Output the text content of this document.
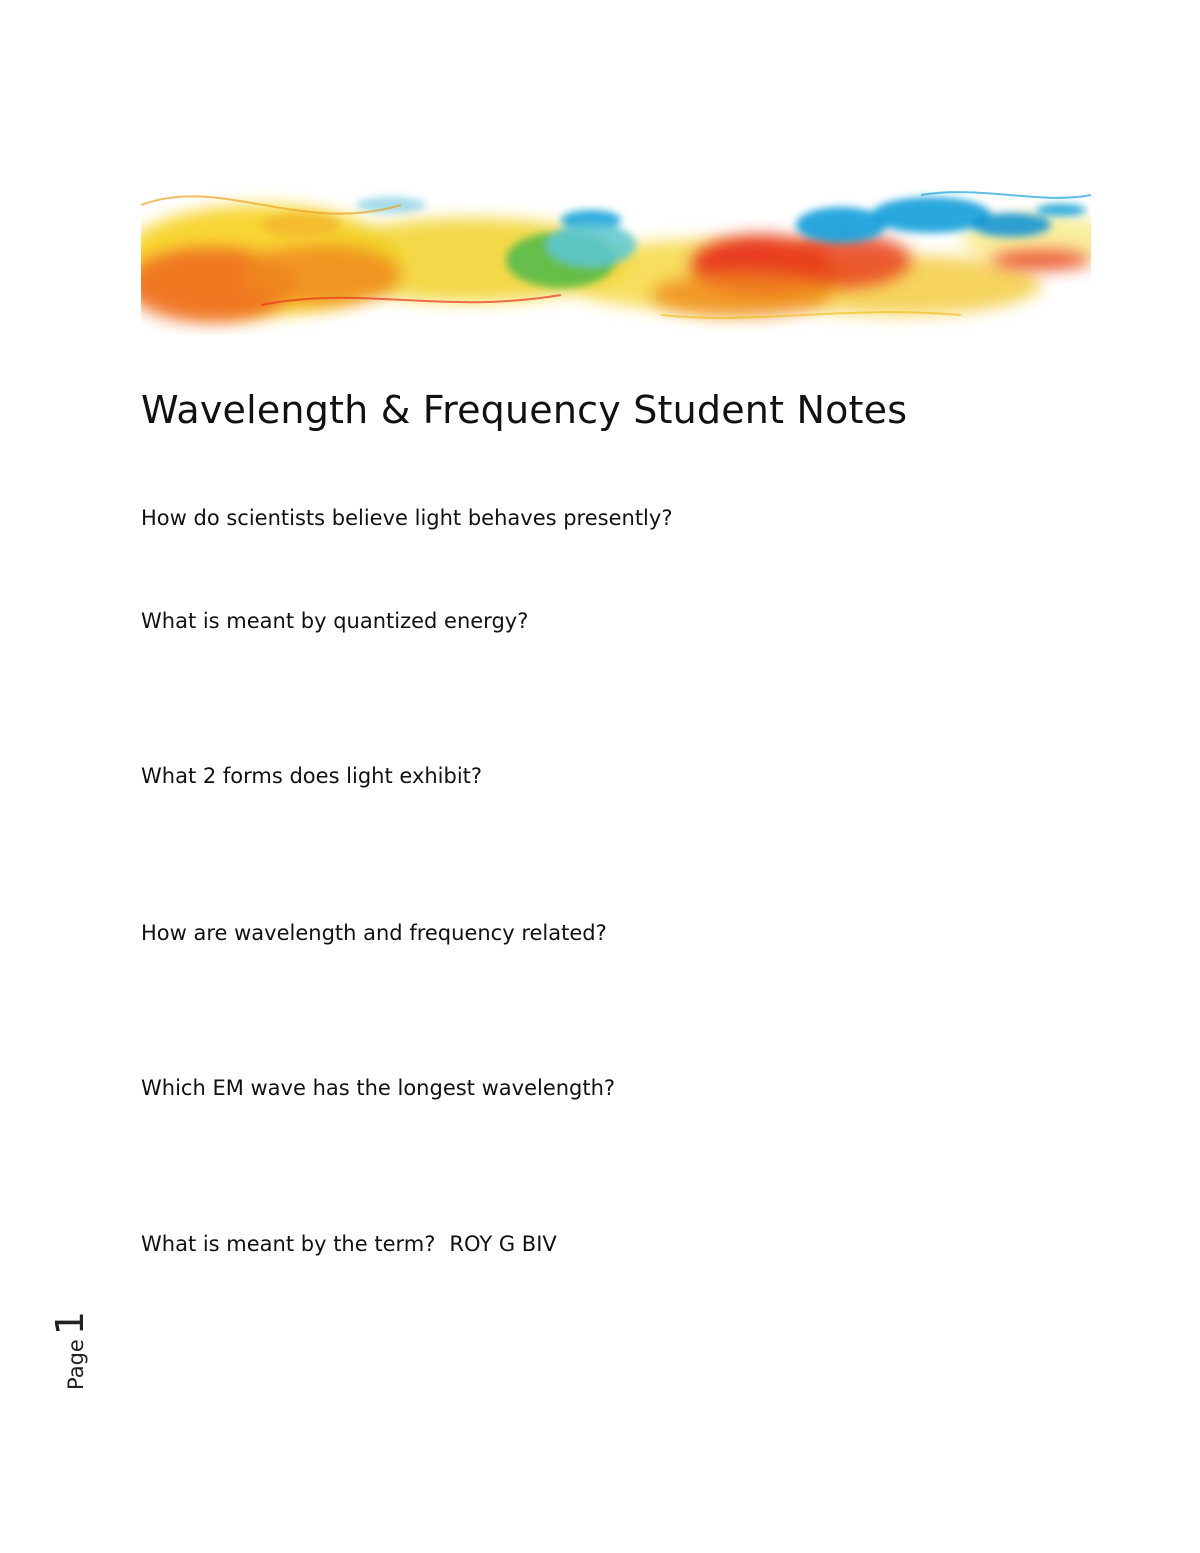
Wavelength & Frequency Student Notes

How do scientists believe light behaves presently?

What is meant by quantized energy?

What 2 forms does light exhibit?

How are wavelength and frequency related?

Which EM wave has the longest wavelength?

What is meant by the term? ROY G BIV

Page1
